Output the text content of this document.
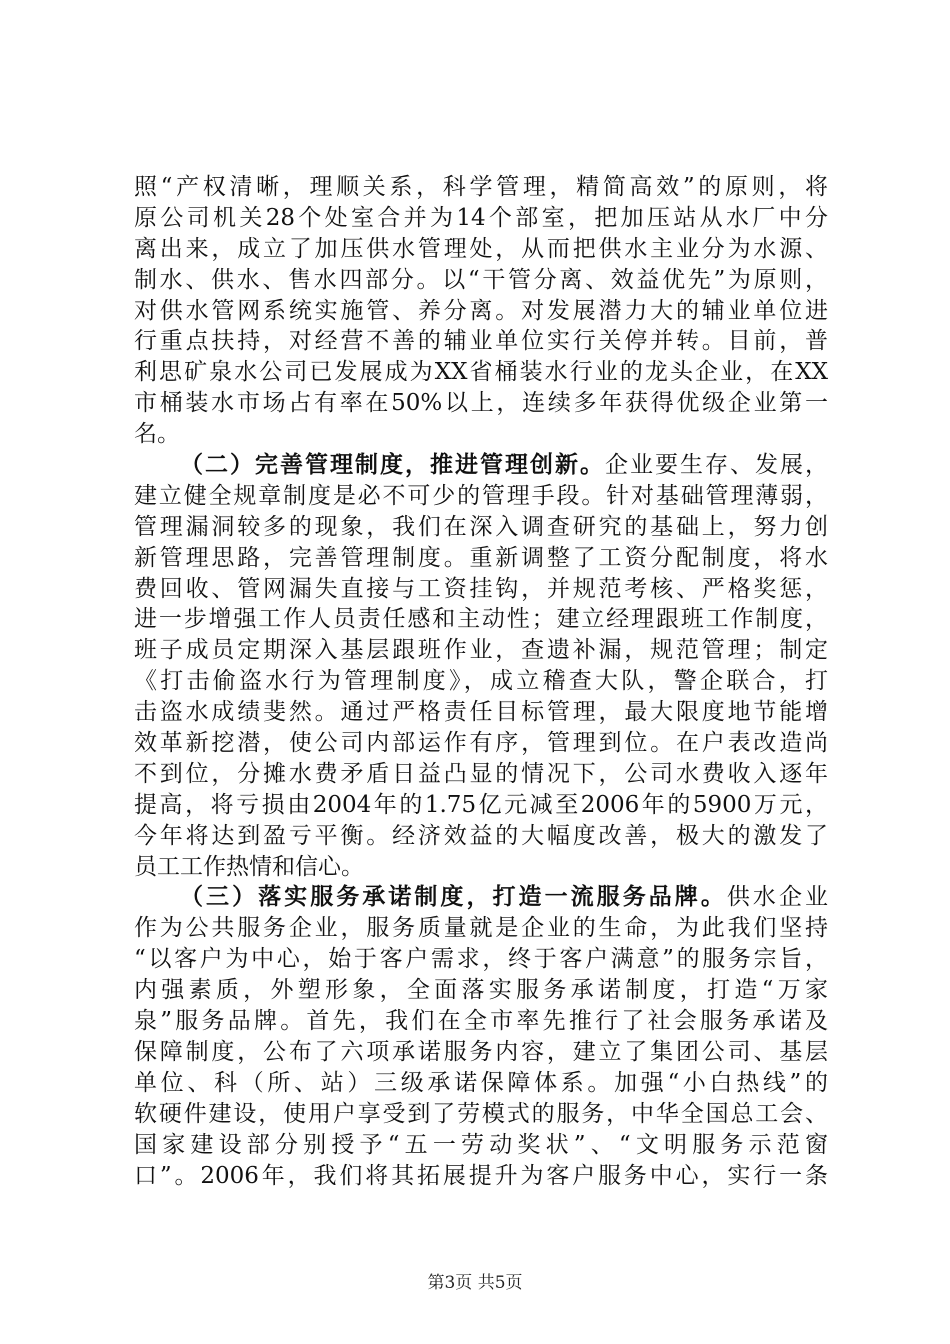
照“产权清晰，理顺关系，科学管理，精简高效”的原则，将
原公司机关28个处室合并为14个部室，把加压站从水厂中分
离出来，成立了加压供水管理处，从而把供水主业分为水源、
制水、供水、售水四部分。以“干管分离、效益优先”为原则，
对供水管网系统实施管、养分离。对发展潜力大的辅业单位进
行重点扶持，对经营不善的辅业单位实行关停并转。目前，普
利思矿泉水公司已发展成为XX省桶装水行业的龙头企业，在XX
市桶装水市场占有率在50%以上，连续多年获得优级企业第一
名。
（二）完善管理制度，推进管理创新。企业要生存、发展，
建立健全规章制度是必不可少的管理手段。针对基础管理薄弱，
管理漏洞较多的现象，我们在深入调查研究的基础上，努力创
新管理思路，完善管理制度。重新调整了工资分配制度，将水
费回收、管网漏失直接与工资挂钩，并规范考核、严格奖惩，
进一步增强工作人员责任感和主动性；建立经理跟班工作制度，
班子成员定期深入基层跟班作业，查遗补漏，规范管理；制定
《打击偷盗水行为管理制度》，成立稽查大队，警企联合，打
击盗水成绩斐然。通过严格责任目标管理，最大限度地节能增
效革新挖潜，使公司内部运作有序，管理到位。在户表改造尚
不到位，分摊水费矛盾日益凸显的情况下，公司水费收入逐年
提高，将亏损由2004年的1.75亿元减至2006年的5900万元，
今年将达到盈亏平衡。经济效益的大幅度改善，极大的激发了
员工工作热情和信心。
（三）落实服务承诺制度，打造一流服务品牌。供水企业
作为公共服务企业，服务质量就是企业的生命，为此我们坚持
“以客户为中心，始于客户需求，终于客户满意”的服务宗旨，
内强素质，外塑形象，全面落实服务承诺制度，打造“万家
泉”服务品牌。首先，我们在全市率先推行了社会服务承诺及
保障制度，公布了六项承诺服务内容，建立了集团公司、基层
单位、科（所、站）三级承诺保障体系。加强“小白热线”的
软硬件建设，使用户享受到了劳模式的服务，中华全国总工会、
国家建设部分别授予“五一劳动奖状”、“文明服务示范窗
口”。2006年，我们将其拓展提升为客户服务中心，实行一条
第3页 共5页
